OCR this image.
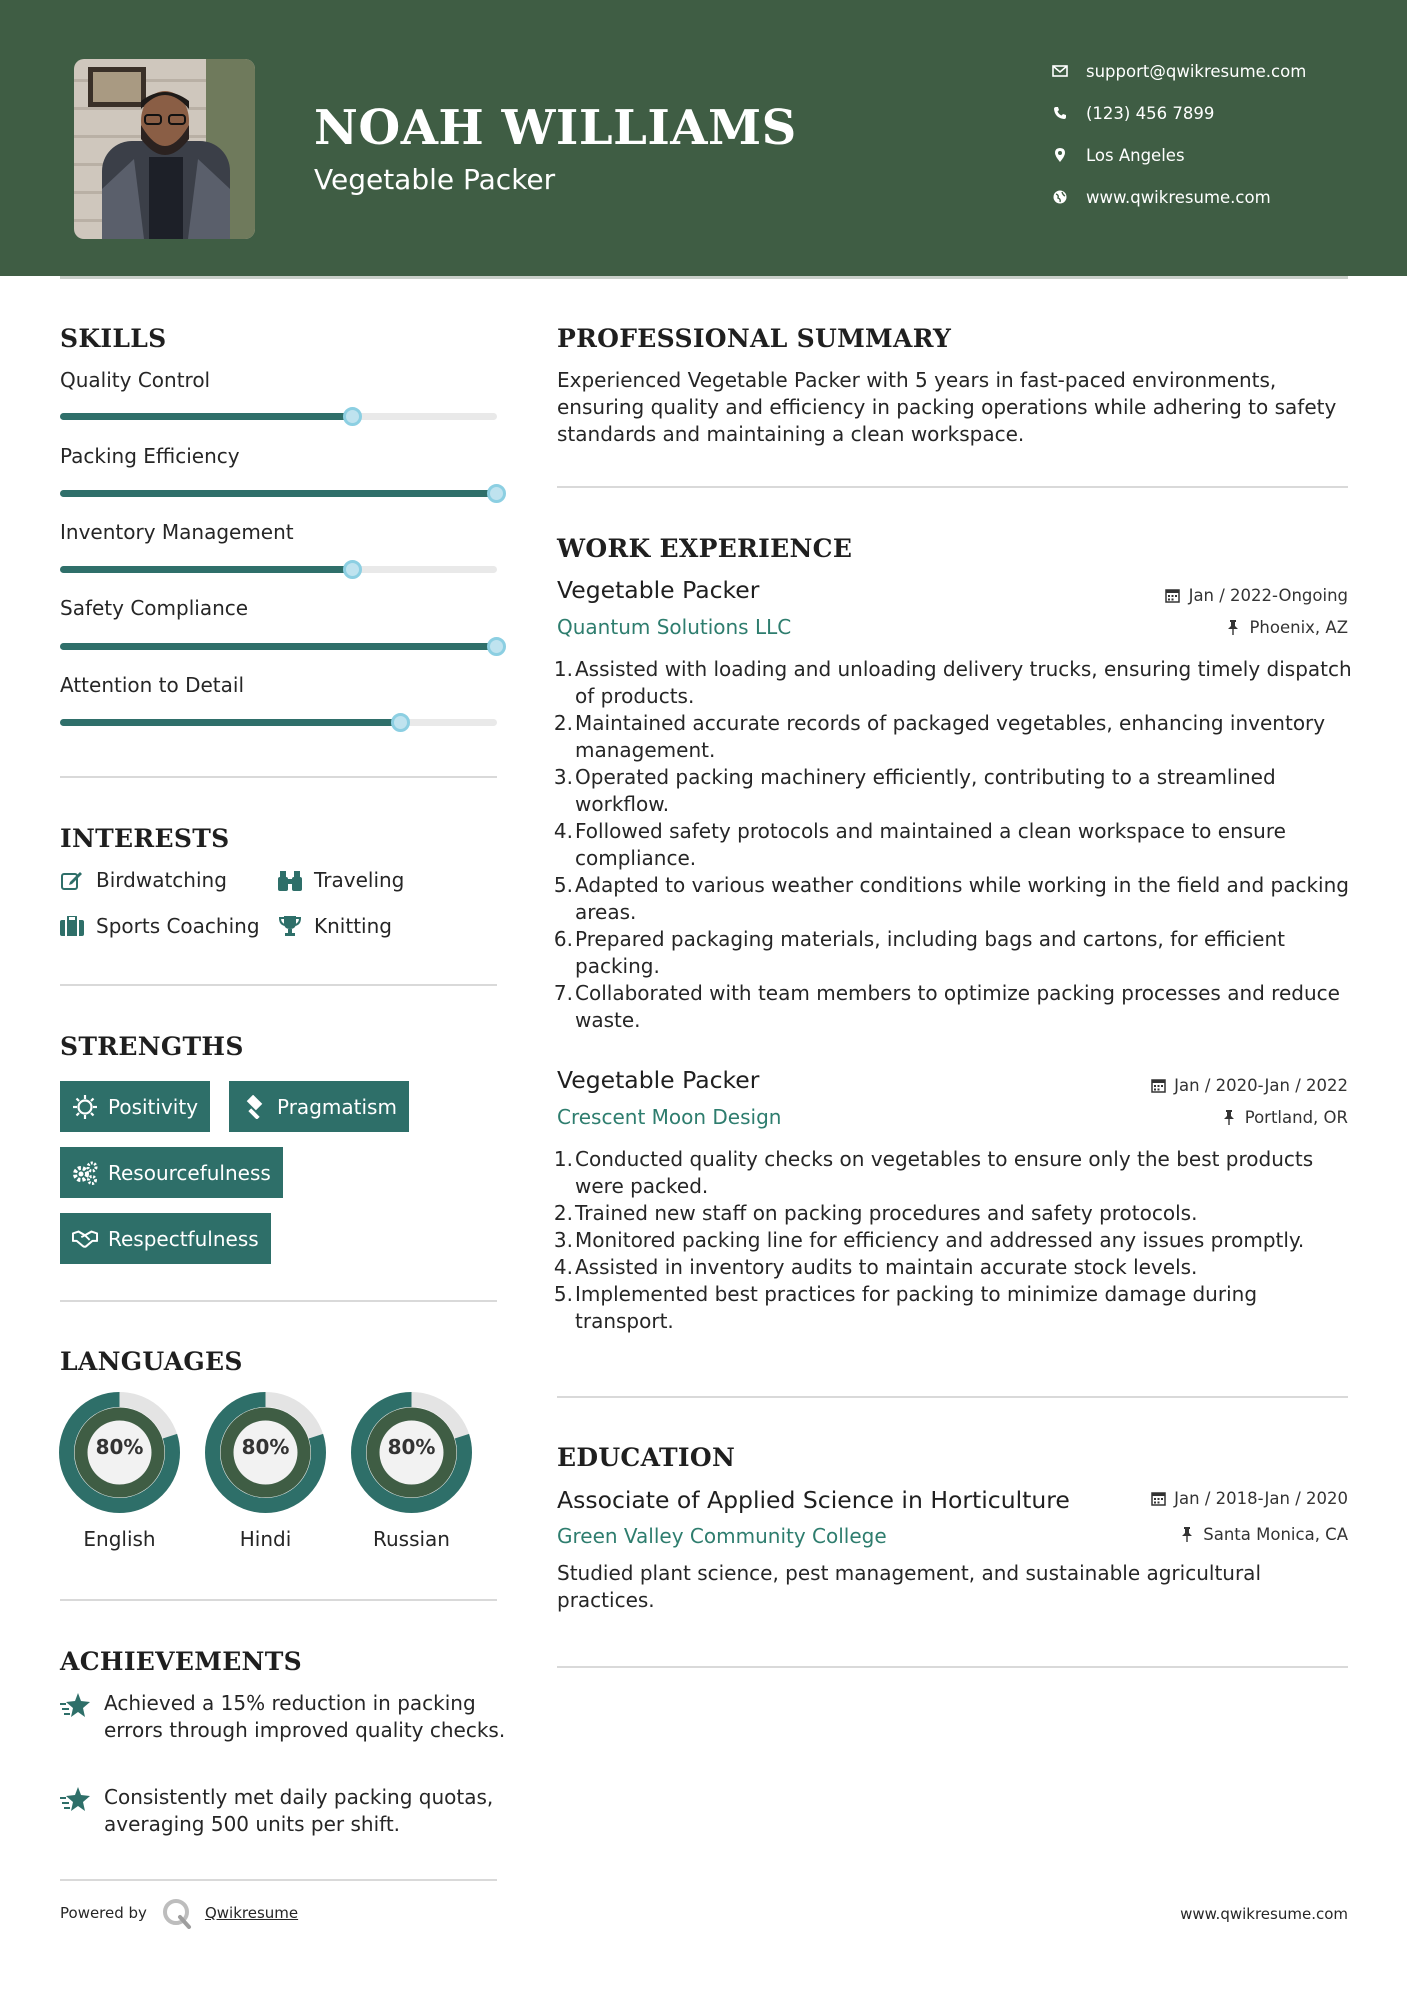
NOAH WILLIAMS
Vegetable Packer
support@qwikresume.com
(123) 456 7899
Los Angeles
www.qwikresume.com
SKILLS
Quality Control
Packing Efficiency
Inventory Management
Safety Compliance
Attention to Detail
INTERESTS
Birdwatching	Traveling
Sports Coaching	Knitting
STRENGTHS
Positivity	Pragmatism
Resourcefulness
Respectfulness
LANGUAGES
80%
English
80%
Hindi
80%
Russian
ACHIEVEMENTS
Achieved a 15% reduction in packing errors through improved quality checks.
Consistently met daily packing quotas, averaging 500 units per shift.
PROFESSIONAL SUMMARY
Experienced Vegetable Packer with 5 years in fast-paced environments, ensuring quality and efficiency in packing operations while adhering to safety standards and maintaining a clean workspace.
WORK EXPERIENCE
Vegetable Packer	Jan / 2022-Ongoing
Quantum Solutions LLC	Phoenix, AZ
1. Assisted with loading and unloading delivery trucks, ensuring timely dispatch of products.
2. Maintained accurate records of packaged vegetables, enhancing inventory management.
3. Operated packing machinery efficiently, contributing to a streamlined workflow.
4. Followed safety protocols and maintained a clean workspace to ensure compliance.
5. Adapted to various weather conditions while working in the field and packing areas.
6. Prepared packaging materials, including bags and cartons, for efficient packing.
7. Collaborated with team members to optimize packing processes and reduce waste.
Vegetable Packer	Jan / 2020-Jan / 2022
Crescent Moon Design	Portland, OR
1. Conducted quality checks on vegetables to ensure only the best products were packed.
2. Trained new staff on packing procedures and safety protocols.
3. Monitored packing line for efficiency and addressed any issues promptly.
4. Assisted in inventory audits to maintain accurate stock levels.
5. Implemented best practices for packing to minimize damage during transport.
EDUCATION
Associate of Applied Science in Horticulture	Jan / 2018-Jan / 2020
Green Valley Community College	Santa Monica, CA
Studied plant science, pest management, and sustainable agricultural practices.
Powered by	Qwikresume	www.qwikresume.com
